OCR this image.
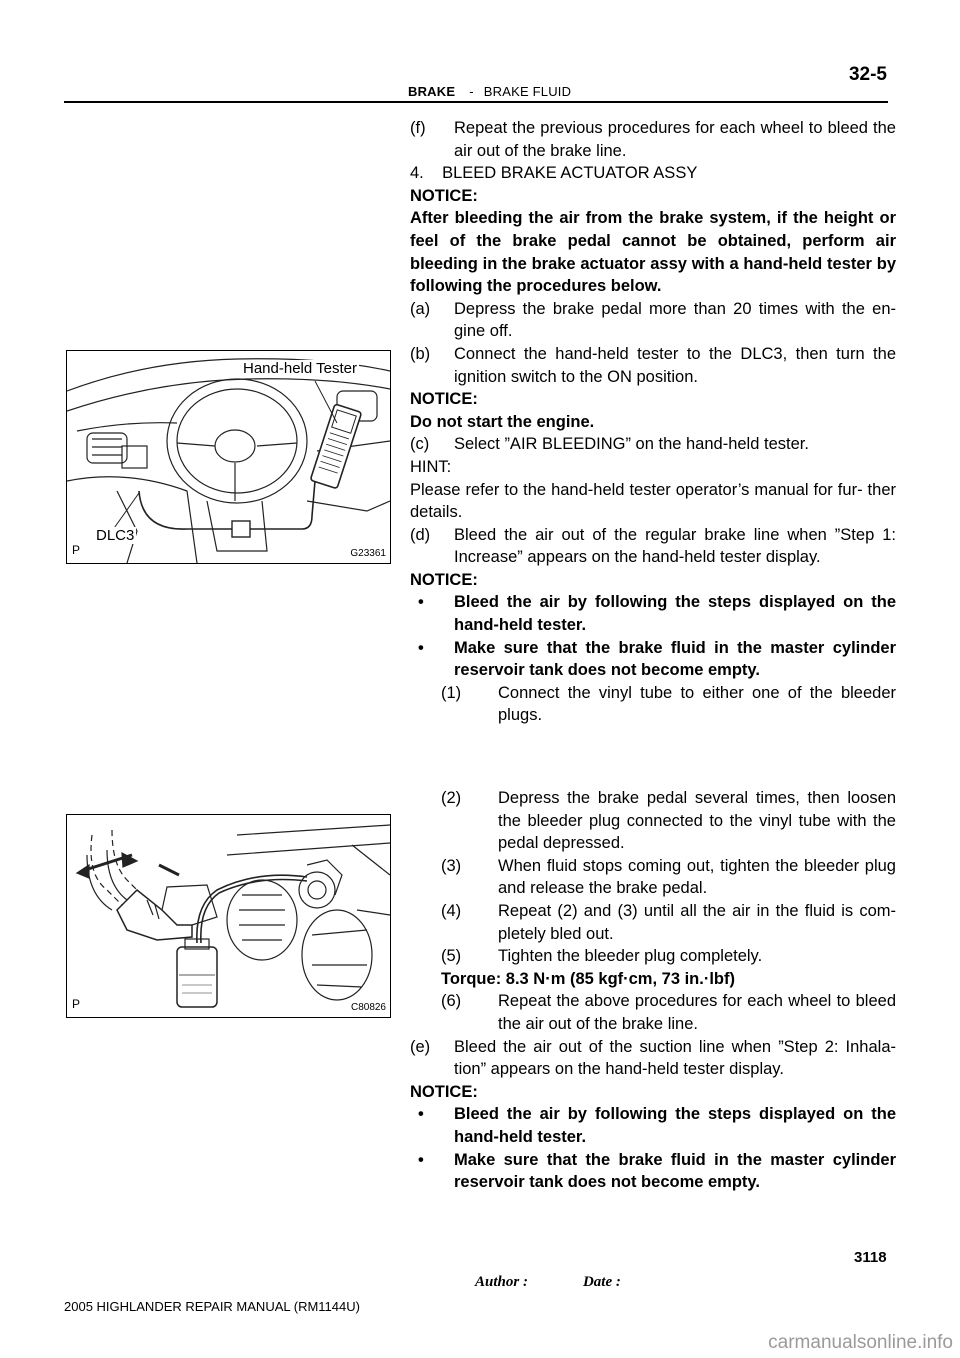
32-5
BRAKE - BRAKE FLUID
Hand-held Tester
DLC3
P	G23361
P	C80826

(f) Repeat the previous procedures for each wheel to bleed the air out of the brake line.

4.    BLEED BRAKE ACTUATOR ASSY

NOTICE:

After bleeding the air from the brake system, if the height or feel of the brake pedal cannot be obtained, perform air bleeding in the brake actuator assy with a hand-held tester by following the procedures below.

(a) Depress the brake pedal more than 20 times with the en- gine off.

(b) Connect the hand-held tester to the DLC3, then turn the ignition switch to the ON position.

NOTICE:

Do not start the engine.

(c) Select ”AIR BLEEDING” on the hand-held tester.

HINT:

Please refer to the hand-held tester operator’s manual for fur- ther details.

(d) Bleed the air out of the regular brake line when ”Step 1: Increase” appears on the hand-held tester display.

NOTICE:

• Bleed the air by following the steps displayed on the hand-held tester.

• Make sure that the brake fluid in the master cylinder reservoir tank does not become empty.

(1) Connect the vinyl tube to either one of the bleeder plugs.

(2) Depress the brake pedal several times, then loosen the bleeder plug connected to the vinyl tube with the pedal depressed.

(3) When fluid stops coming out, tighten the bleeder plug and release the brake pedal.

(4) Repeat (2) and (3) until all the air in the fluid is com- pletely bled out.

(5) Tighten the bleeder plug completely.

Torque: 8.3 N·m (85 kgf·cm, 73 in.·lbf)

(6) Repeat the above procedures for each wheel to bleed the air out of the brake line.

(e) Bleed the air out of the suction line when ”Step 2: Inhala- tion” appears on the hand-held tester display.

NOTICE:

• Bleed the air by following the steps displayed on the hand-held tester.

• Make sure that the brake fluid in the master cylinder reservoir tank does not become empty.

3118
Author :	Date :
2005 HIGHLANDER REPAIR MANUAL (RM1144U)
carmanualsonline.info
